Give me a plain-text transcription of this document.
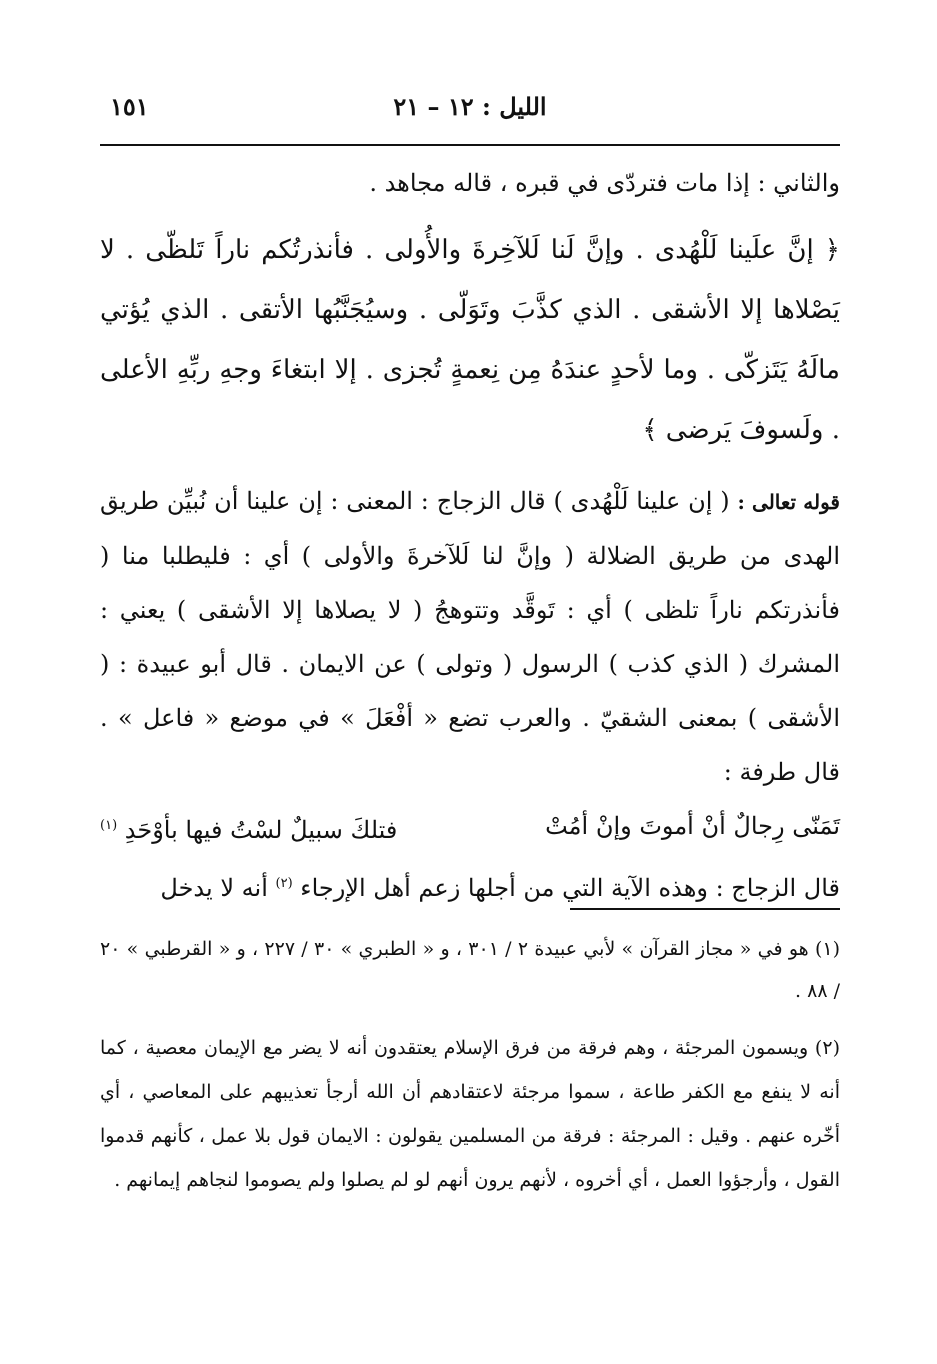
الليل : ١٢ – ٢١
١٥١

والثاني : إذا مات فتردّى في قبره ، قاله مجاهد .

﴿ إنَّ علَينا لَلْهُدى . وإنَّ لَنا لَلآخِرةَ والأُولى . فأنذرتُكم ناراً تَلظّى . لا يَصْلاها إلا الأشقى . الذي كذَّبَ وتَوَلّى . وسيُجَنَّبُها الأتقى . الذي يُؤتي مالَهُ يَتَزكّى . وما لأحدٍ عندَهُ مِن نِعمةٍ تُجزى . إلا ابتغاءَ وجهِ ربِّهِ الأعلى . ولَسوفَ يَرضى ﴾

قوله تعالى : ( إن علينا لَلْهُدى ) قال الزجاج : المعنى : إن علينا أن نُبيِّن طريق الهدى من طريق الضلالة ( وإنَّ لنا لَلآخرةَ والأولى ) أي : فليطلبا منا ( فأنذرتكم ناراً تلظى ) أي : تَوقَّد وتتوهجُ ( لا يصلاها إلا الأشقى ) يعني : المشرك ( الذي كذب ) الرسول ( وتولى ) عن الايمان . قال أبو عبيدة : ( الأشقى ) بمعنى الشقيّ . والعرب تضع « أفْعَلَ » في موضع « فاعل » . قال طرفة :

تَمَنّى رِجالٌ أنْ أموتَ وإنْ أمُتْ
فتلكَ سبيلٌ لسْتُ فيها بأوْحَدِ $^{(١)}$

قال الزجاج : وهذه الآية التي من أجلها زعم أهل الإرجاء $^{(٢)}$ أنه لا يدخل

(١) هو في « مجاز القرآن » لأبي عبيدة ٢ / ٣٠١ ، و « الطبري » ٣٠ / ٢٢٧ ، و « القرطبي » ٢٠ / ٨٨ .

(٢) ويسمون المرجئة ، وهم فرقة من فرق الإسلام يعتقدون أنه لا يضر مع الإيمان معصية ، كما أنه لا ينفع مع الكفر طاعة ، سموا مرجئة لاعتقادهم أن الله أرجأ تعذيبهم على المعاصي ، أي أخّره عنهم . وقيل : المرجئة : فرقة من المسلمين يقولون : الايمان قول بلا عمل ، كأنهم قدموا القول ، وأرجؤوا العمل ، أي أخروه ، لأنهم يرون أنهم لو لم يصلوا ولم يصوموا لنجاهم إيمانهم .
